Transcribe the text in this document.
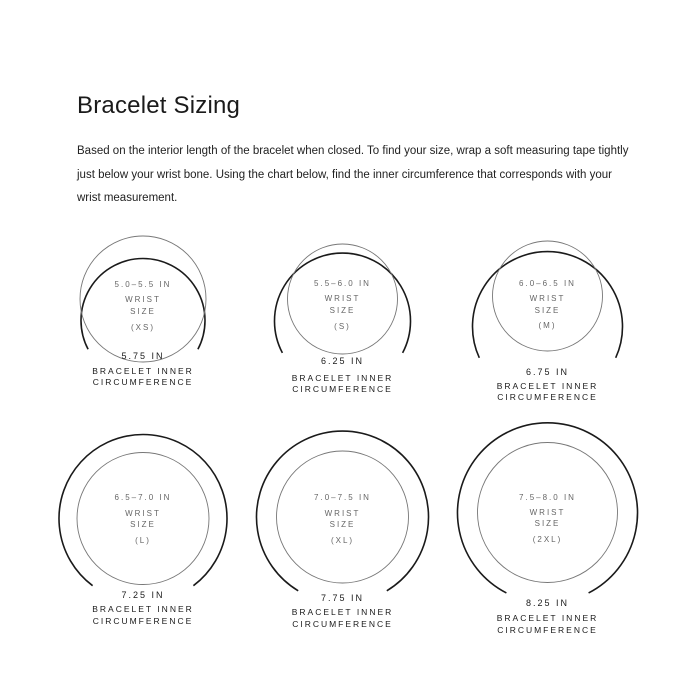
Bracelet Sizing

Based on the interior length of the bracelet when closed. To find your size, wrap a soft measuring tape tightly just below your wrist bone. Using the chart below, find the inner circumference that corresponds with your wrist measurement.

5.0–5.5 IN
WRIST
SIZE
(XS)
5.75 IN
BRACELET INNER
CIRCUMFERENCE
5.5–6.0 IN
WRIST
SIZE
(S)
6.25 IN
BRACELET INNER
CIRCUMFERENCE
6.0–6.5 IN
WRIST
SIZE
(M)
6.75 IN
BRACELET INNER
CIRCUMFERENCE
6.5–7.0 IN
WRIST
SIZE
(L)
7.25 IN
BRACELET INNER
CIRCUMFERENCE
7.0–7.5 IN
WRIST
SIZE
(XL)
7.75 IN
BRACELET INNER
CIRCUMFERENCE
7.5–8.0 IN
WRIST
SIZE
(2XL)
8.25 IN
BRACELET INNER
CIRCUMFERENCE
